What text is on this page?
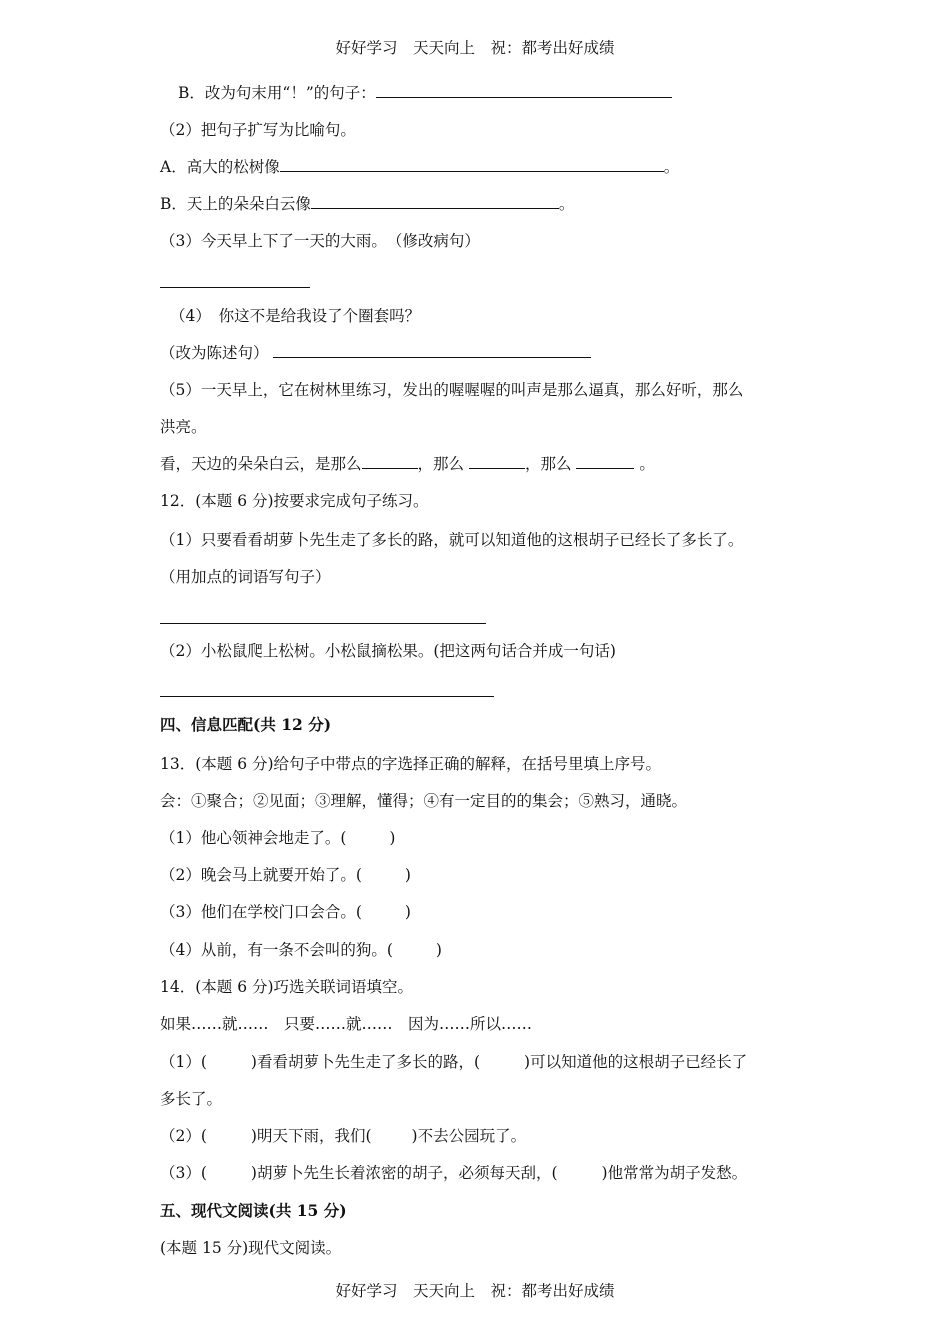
好好学习　天天向上　祝：都考出好成绩
B．改为句末用“！”的句子：
（2）把句子扩写为比喻句。
A．高大的松树像	。
B．天上的朵朵白云像	。
（3）今天早上下了一天的大雨。　（修改病句）
（4）　你这不是给我设了个圈套吗？
（改为陈述句）
（5）一天早上，它在树林里练习，发出的喔喔喔的叫声是那么逼真，那么好听，那么
洪亮。
看，天边的朵朵白云，是那么	，那么	，那么	。
12．(本题 6 分)按要求完成句子练习。
（1）只要看看胡萝卜先生走了多长的路，就可以知道他的这根胡子已经长了多长了。
（用加点的词语写句子）
（2）小松鼠爬上松树。小松鼠摘松果。(把这两句话合并成一句话)
四、信息匹配(共 12 分)
13．(本题 6 分)给句子中带点的字选择正确的解释，在括号里填上序号。
会：①聚合；②见面；③理解，懂得；④有一定目的的集会；⑤熟习，通晓。
（1）他心领神会地走了。(	)
（2）晚会马上就要开始了。(	)
（3）他们在学校门口会合。(	)
（4）从前，有一条不会叫的狗。(	)
14．(本题 6 分)巧选关联词语填空。
如果……就……　只要……就……　因为……所以……
（1）(	)看看胡萝卜先生走了多长的路，(	)可以知道他的这根胡子已经长了
多长了。
（2）(	)明天下雨，我们(	)不去公园玩了。
（3）(	)胡萝卜先生长着浓密的胡子，必须每天刮，(	)他常常为胡子发愁。
五、现代文阅读(共 15 分)
(本题 15 分)现代文阅读。
好好学习　天天向上　祝：都考出好成绩
